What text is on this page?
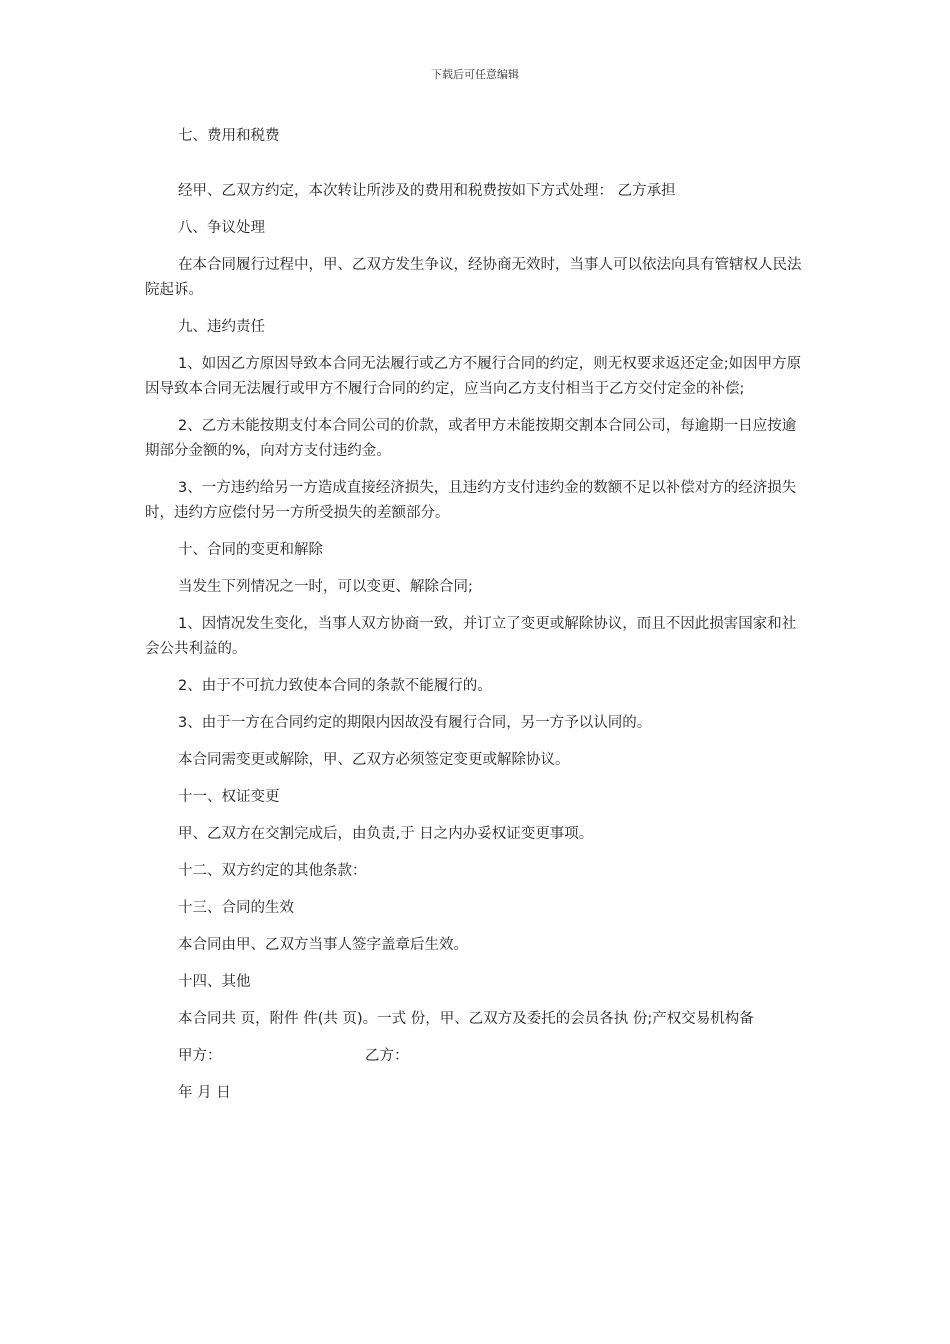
下载后可任意编辑

七、费用和税费

经甲、乙双方约定，本次转让所涉及的费用和税费按如下方式处理： 乙方承担

八、争议处理

在本合同履行过程中，甲、乙双方发生争议，经协商无效时，当事人可以依法向具有管辖权人民法院起诉。

九、违约责任

1、如因乙方原因导致本合同无法履行或乙方不履行合同的约定，则无权要求返还定金;如因甲方原因导致本合同无法履行或甲方不履行合同的约定，应当向乙方支付相当于乙方交付定金的补偿;

2、乙方未能按期支付本合同公司的价款，或者甲方未能按期交割本合同公司，每逾期一日应按逾期部分金额的%，向对方支付违约金。

3、一方违约给另一方造成直接经济损失，且违约方支付违约金的数额不足以补偿对方的经济损失时，违约方应偿付另一方所受损失的差额部分。

十、合同的变更和解除

当发生下列情况之一时，可以变更、解除合同;

1、因情况发生变化，当事人双方协商一致，并订立了变更或解除协议，而且不因此损害国家和社会公共利益的。

2、由于不可抗力致使本合同的条款不能履行的。

3、由于一方在合同约定的期限内因故没有履行合同，另一方予以认同的。

本合同需变更或解除，甲、乙双方必须签定变更或解除协议。

十一、权证变更

甲、乙双方在交割完成后，由负责,于 日之内办妥权证变更事项。

十二、双方约定的其他条款：

十三、合同的生效

本合同由甲、乙双方当事人签字盖章后生效。

十四、其他

本合同共 页，附件 件(共 页)。一式 份，甲、乙双方及委托的会员各执 份;产权交易机构备

甲方：	乙方：

年 月 日
